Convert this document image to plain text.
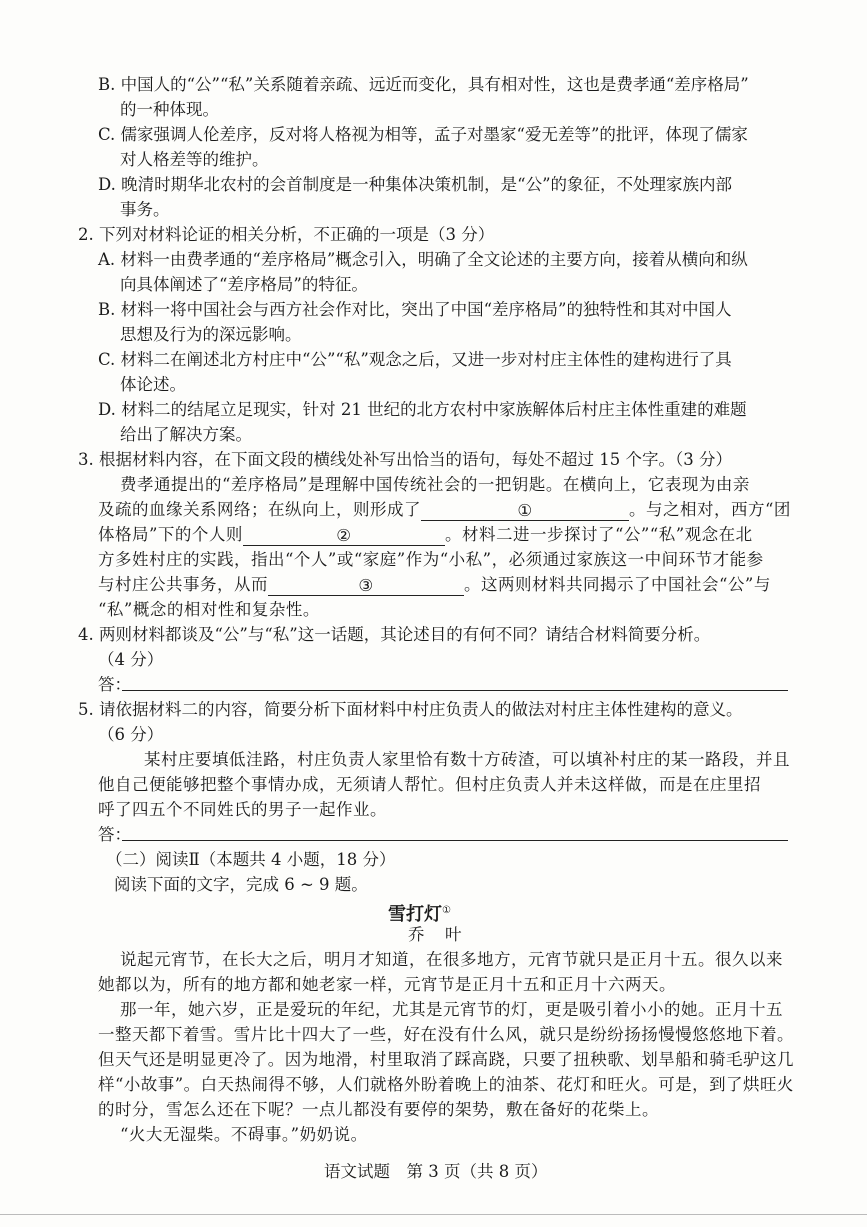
B. 中国人的“公”“私”关系随着亲疏、远近而变化，具有相对性，这也是费孝通“差序格局”
的一种体现。
C. 儒家强调人伦差序，反对将人格视为相等，孟子对墨家“爱无差等”的批评，体现了儒家
对人格差等的维护。
D. 晚清时期华北农村的会首制度是一种集体决策机制，是“公”的象征，不处理家族内部
事务。
2. 下列对材料论证的相关分析，不正确的一项是（3 分）
A. 材料一由费孝通的“差序格局”概念引入，明确了全文论述的主要方向，接着从横向和纵
向具体阐述了“差序格局”的特征。
B. 材料一将中国社会与西方社会作对比，突出了中国“差序格局”的独特性和其对中国人
思想及行为的深远影响。
C. 材料二在阐述北方村庄中“公”“私”观念之后，又进一步对村庄主体性的建构进行了具
体论述。
D. 材料二的结尾立足现实，针对 21 世纪的北方农村中家族解体后村庄主体性重建的难题
给出了解决方案。
3. 根据材料内容，在下面文段的横线处补写出恰当的语句，每处不超过 15 个字。（3 分）
费孝通提出的“差序格局”是理解中国传统社会的一把钥匙。在横向上，它表现为由亲
及疏的血缘关系网络；在纵向上，则形成了	①	。与之相对，西方“团
体格局”下的个人则	②	。材料二进一步探讨了“公”“私”观念在北
方多姓村庄的实践，指出“个人”或“家庭”作为“小私”，必须通过家族这一中间环节才能参
与村庄公共事务，从而	③	。这两则材料共同揭示了中国社会“公”与
“私”概念的相对性和复杂性。
4. 两则材料都谈及“公”与“私”这一话题，其论述目的有何不同？请结合材料简要分析。
（4 分）
答：
5. 请依据材料二的内容，简要分析下面材料中村庄负责人的做法对村庄主体性建构的意义。
（6 分）
某村庄要填低洼路，村庄负责人家里恰有数十方砖渣，可以填补村庄的某一路段，并且
他自己便能够把整个事情办成，无须请人帮忙。但村庄负责人并未这样做，而是在庄里招
呼了四五个不同姓氏的男子一起作业。
答：
（二）阅读Ⅱ（本题共 4 小题，18 分）
阅读下面的文字，完成 6 ~ 9 题。
雪打灯①
乔　叶
说起元宵节，在长大之后，明月才知道，在很多地方，元宵节就只是正月十五。很久以来
她都以为，所有的地方都和她老家一样，元宵节是正月十五和正月十六两天。
那一年，她六岁，正是爱玩的年纪，尤其是元宵节的灯，更是吸引着小小的她。正月十五
一整天都下着雪。雪片比十四大了一些，好在没有什么风，就只是纷纷扬扬慢慢悠悠地下着。
但天气还是明显更冷了。因为地滑，村里取消了踩高跷，只要了扭秧歌、划旱船和骑毛驴这几
样“小故事”。白天热闹得不够，人们就格外盼着晚上的油茶、花灯和旺火。可是，到了烘旺火
的时分，雪怎么还在下呢？一点儿都没有要停的架势，敷在备好的花柴上。
“火大无湿柴。不碍事。”奶奶说。
语文试题　第 3 页（共 8 页）
